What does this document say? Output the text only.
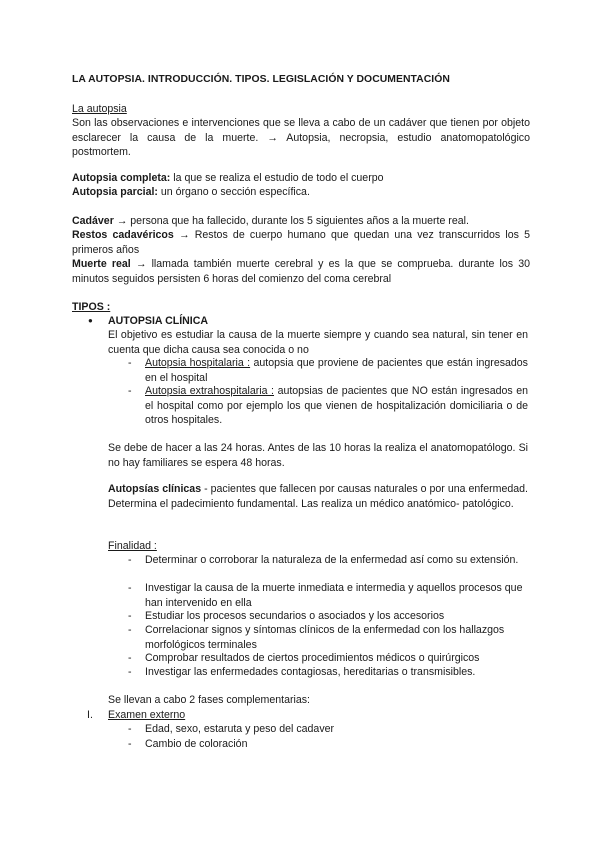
LA AUTOPSIA. INTRODUCCIÓN. TIPOS. LEGISLACIÓN Y DOCUMENTACIÓN
La autopsia
Son las observaciones e intervenciones que se lleva a cabo de un cadáver que tienen por objeto esclarecer la causa de la muerte. → Autopsia, necropsia, estudio anatomopatológico postmortem.
Autopsia completa: la que se realiza el estudio de todo el cuerpo
Autopsia parcial: un órgano o sección específica.
Cadáver → persona que ha fallecido, durante los 5 siguientes años a la muerte real.
Restos cadavéricos → Restos de cuerpo humano que quedan una vez transcurridos los 5 primeros años
Muerte real → llamada también muerte cerebral y es la que se comprueba. durante los 30 minutos seguidos persisten 6 horas del comienzo del coma cerebral
TIPOS :
● AUTOPSIA CLÍNICA
El objetivo es estudiar la causa de la muerte siempre y cuando sea natural, sin tener en cuenta que dicha causa sea conocida o no
- Autopsia hospitalaria : autopsia que proviene de pacientes que están ingresados en el hospital
- Autopsia extrahospitalaria : autopsias de pacientes que NO están ingresados en el hospital como por ejemplo los que vienen de hospitalización domiciliaria o de otros hospitales.
Se debe de hacer a las 24 horas. Antes de las 10 horas la realiza el anatomopatólogo. Si no hay familiares se espera 48 horas.
Autopsías clínicas - pacientes que fallecen por causas naturales o por una enfermedad. Determina el padecimiento fundamental. Las realiza un médico anatómico- patológico.
Finalidad :
- Determinar o corroborar la naturaleza de la enfermedad así como su extensión.
- Investigar la causa de la muerte inmediata e intermedia y aquellos procesos que han intervenido en ella
- Estudiar los procesos secundarios o asociados y los accesorios
- Correlacionar signos y síntomas clínicos de la enfermedad con los hallazgos morfológicos terminales
- Comprobar resultados de ciertos procedimientos médicos o quirúrgicos
- Investigar las enfermedades contagiosas, hereditarias o transmisibles.
Se llevan a cabo 2 fases complementarias:
I. Examen externo
- Edad, sexo, estaruta y peso del cadaver
- Cambio de coloración
